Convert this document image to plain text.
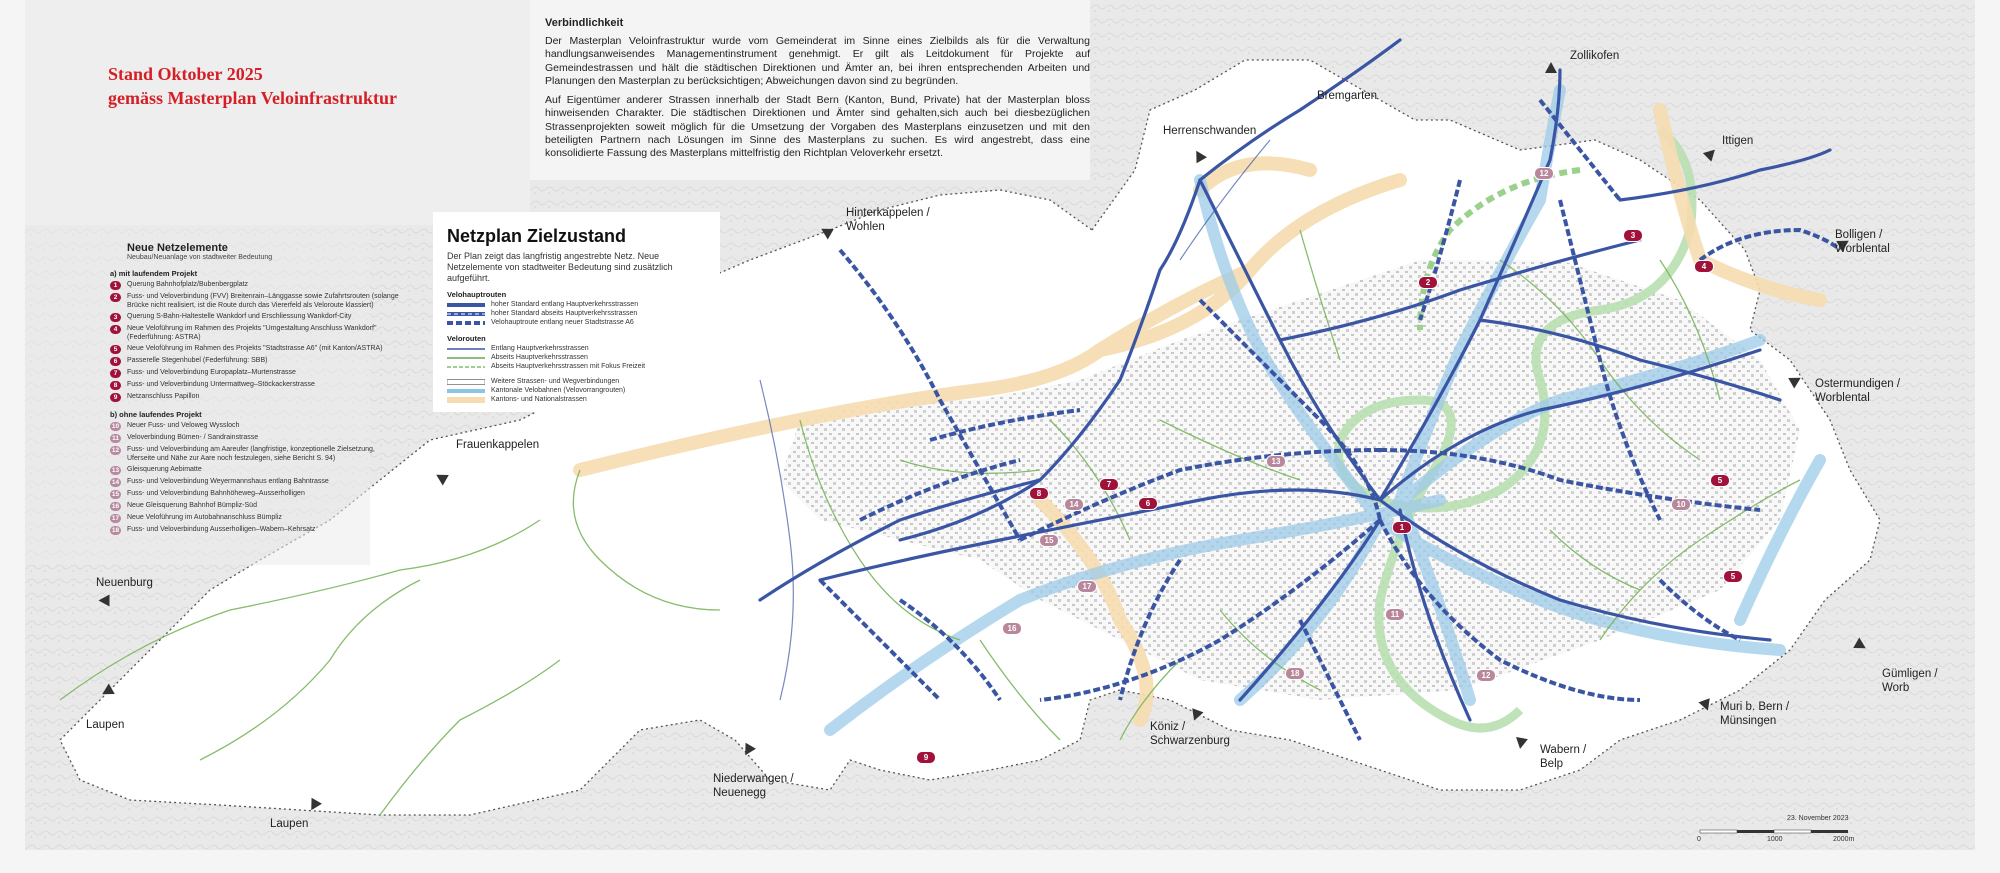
Stand Oktober 2025
gemäss Masterplan Veloinfrastruktur
Verbindlichkeit
Der Masterplan Veloinfrastruktur wurde vom Gemeinderat im Sinne eines Zielbilds als für die Verwaltung handlungsanweisendes Managementinstrument genehmigt. Er gilt als Leitdokument für Projekte auf Gemeindestrassen und hält die städtischen Direktionen und Ämter an, bei ihren entsprechenden Arbeiten und Planungen den Masterplan zu berücksichtigen; Abweichungen davon sind zu begründen.
Auf Eigentümer anderer Strassen innerhalb der Stadt Bern (Kanton, Bund, Private) hat der Masterplan bloss hinweisenden Charakter. Die städtischen Direktionen und Ämter sind gehalten,sich auch bei diesbezüglichen Strassenprojekten soweit möglich für die Umsetzung der Vorgaben des Masterplans einzusetzen und mit den beteiligten Partnern nach Lösungen im Sinne des Masterplans zu suchen. Es wird angestrebt, dass eine konsolidierte Fassung des Masterplans mittelfristig den Richtplan Veloverkehr ersetzt.
Netzplan Zielzustand
Der Plan zeigt das langfristig angestrebte Netz. Neue Netzelemente von stadtweiter Bedeutung sind zusätzlich aufgeführt.
Velohauptrouten
hoher Standard entlang Hauptverkehrsstrassen
hoher Standard abseits Hauptverkehrsstrassen
Velohauptroute entlang neuer Stadtstrasse A6
Velorouten
Entlang Hauptverkehrsstrassen
Abseits Hauptverkehrsstrassen
Abseits Hauptverkehrsstrassen mit Fokus Freizeit
Weitere Strassen- und Wegverbindungen
Kantonale Velobahnen (Velovorrangrouten)
Kantons- und Nationalstrassen
Neue Netzelemente
Neubau/Neuanlage von stadtweiter Bedeutung
a) mit laufendem Projekt
1	Querung Bahnhofplatz/Bubenbergplatz
2	Fuss- und Veloverbindung (FVV) Breitenrain–Länggasse sowie Zufahrtsrouten (solange Brücke nicht realisiert, ist die Route durch das Viererfeld als Veloroute klassiert)
3	Querung S-Bahn-Haltestelle Wankdorf und Erschliessung Wankdorf-City
4	Neue Veloführung im Rahmen des Projekts "Umgestaltung Anschluss Wankdorf" (Federführung: ASTRA)
5	Neue Veloführung im Rahmen des Projekts "Stadtstrasse A6" (mit Kanton/ASTRA)
6	Passerelle Stegenhubel (Federführung: SBB)
7	Fuss- und Veloverbindung Europaplatz–Murtenstrasse
8	Fuss- und Veloverbindung Untermattweg–Stöckackerstrasse
9	Netzanschluss Papillon
b) ohne laufendes Projekt
10 Neuer Fuss- und Veloweg Wyssloch
11 Veloverbindung Bümen- / Sandrainstrasse
12 Fuss- und Veloverbindung am Aareufer (langfristige, konzeptionelle Zielsetzung, Uferseite und Nähe zur Aare noch festzulegen, siehe Bericht S. 94)
13 Gleisquerung Aebimatte
14 Fuss- und Veloverbindung Weyermannshaus entlang Bahntrasse
15 Fuss- und Veloverbindung Bahnhöheweg–Ausserholligen
16 Neue Gleisquerung Bahnhof Bümpliz-Süd
17 Neue Veloführung im Autobahnanschluss Bümpliz
18 Fuss- und Veloverbindung Ausserholligen–Wabern–Kehrsatz
Zollikofen
Bremgarten
Herrenschwanden
Ittigen
Hinterkappelen / Wohlen
Bolligen / Worblental
Ostermundigen / Worblental
Frauenkappelen
Neuenburg
Laupen
Laupen
Niederwangen / Neuenegg
Köniz / Schwarzenburg
Wabern / Belp
Muri b. Bern / Münsingen
Gümligen / Worb
1
2
3
4
5
5
6
7
8
9
10
11
12
12
13
14
15
16
17
18
23. November 2023
0	1000	2000m
